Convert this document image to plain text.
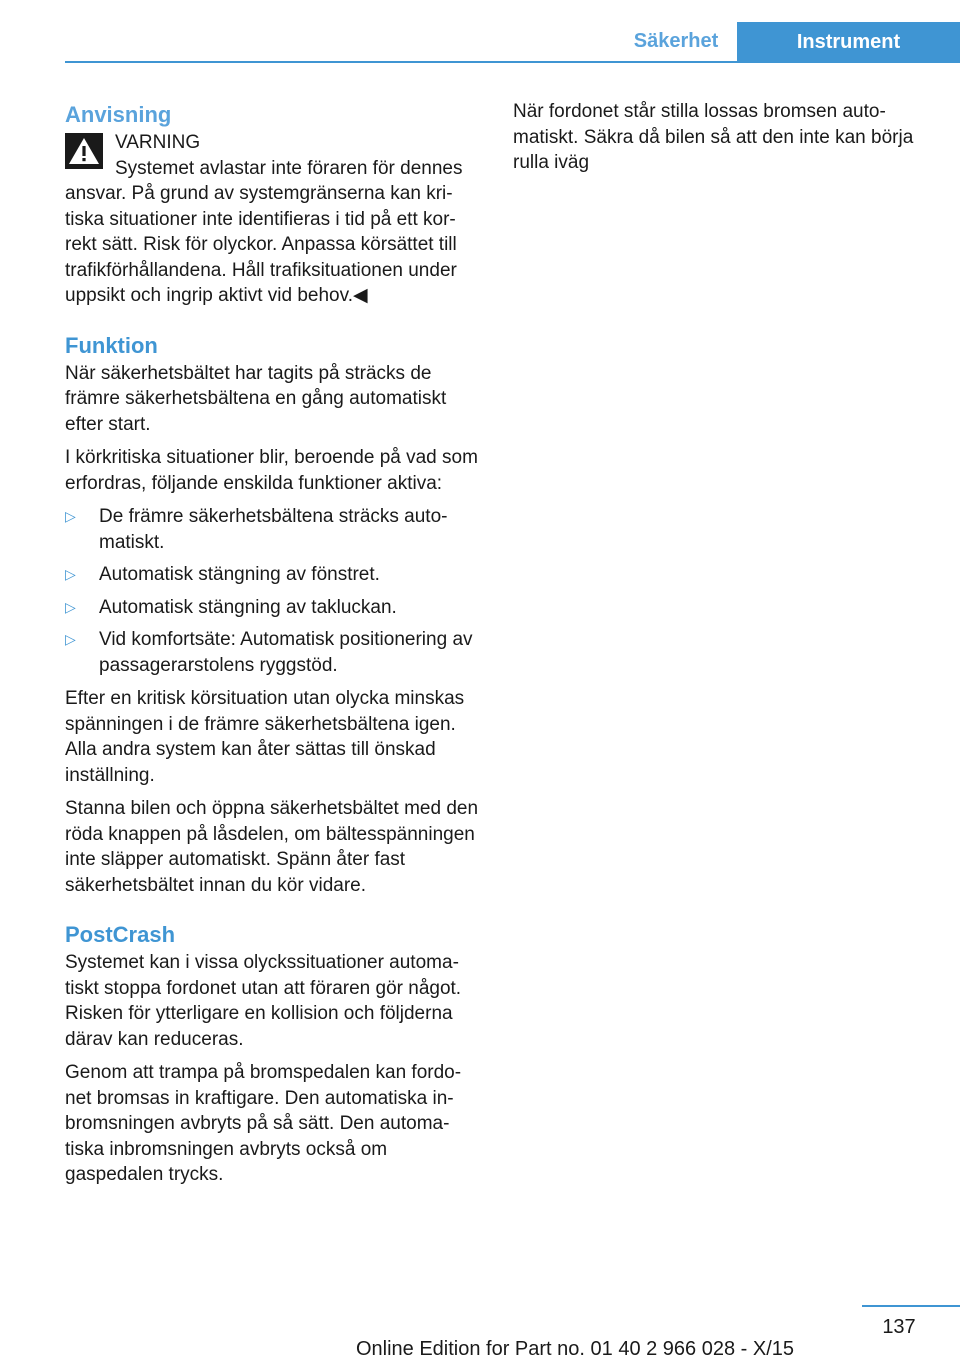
Säkerhet	Instrument
Anvisning

VARNING

Systemet avlastar inte föraren för dennes ansvar. På grund av systemgränserna kan kritiska situationer inte identifieras i tid på ett korrekt sätt. Risk för olyckor. Anpassa körsättet till trafikförhållandena. Håll trafiksituationen under uppsikt och ingrip aktivt vid behov.◀

Funktion

När säkerhetsbältet har tagits på sträcks de främre säkerhetsbältena en gång automatiskt efter start.

I körkritiska situationer blir, beroende på vad som erfordras, följande enskilda funktioner aktiva:

▷ De främre säkerhetsbältena sträcks automatiskt.
▷ Automatisk stängning av fönstret.
▷ Automatisk stängning av takluckan.
▷ Vid komfortsäte: Automatisk positionering av passagerarstolens ryggstöd.

Efter en kritisk körsituation utan olycka minskas spänningen i de främre säkerhetsbältena igen. Alla andra system kan åter sättas till önskad inställning.

Stanna bilen och öppna säkerhetsbältet med den röda knappen på låsdelen, om bältesspänningen inte släpper automatiskt. Spänn åter fast säkerhetsbältet innan du kör vidare.

PostCrash

Systemet kan i vissa olyckssituationer automatiskt stoppa fordonet utan att föraren gör något. Risken för ytterligare en kollision och följderna därav kan reduceras.

Genom att trampa på bromspedalen kan fordonet bromsas in kraftigare. Den automatiska inbromsningen avbryts på så sätt. Den automatiska inbromsningen avbryts också om gaspedalen trycks.

När fordonet står stilla lossas bromsen automatiskt. Säkra då bilen så att den inte kan börja rulla iväg

137
Online Edition for Part no. 01 40 2 966 028 - X/15
